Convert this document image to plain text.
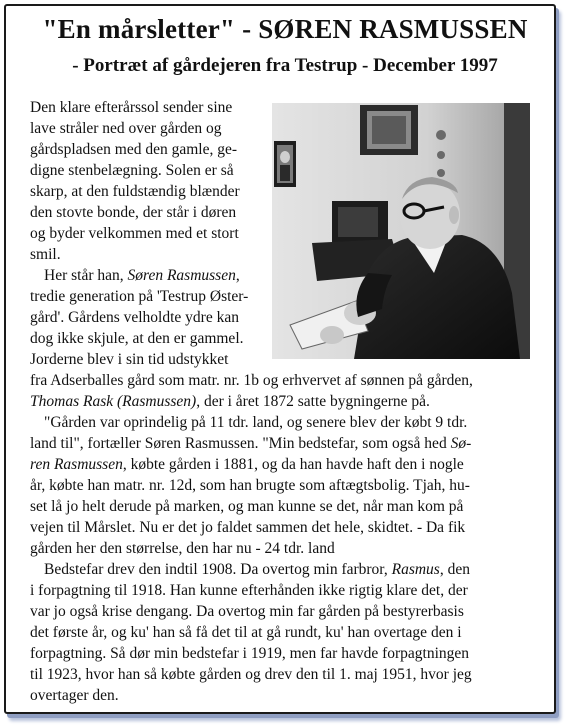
"En mårsletter" - SØREN RASMUSSEN
- Portræt af gårdejeren fra Testrup - December 1997
Den klare efterårssol sender sine
lave stråler ned over gården og
gårdspladsen med den gamle, ge-
digne stenbelægning. Solen er så
skarp, at den fuldstændig blænder
den stovte bonde, der står i døren
og byder velkommen med et stort
smil.
Her står han, Søren Rasmussen,
tredie generation på 'Testrup Øster-
gård'. Gårdens velholdte ydre kan
dog ikke skjule, at den er gammel.
Jorderne blev i sin tid udstykket
fra Adserballes gård som matr. nr. 1b og erhvervet af sønnen på gården,
Thomas Rask (Rasmussen), der i året 1872 satte bygningerne på.
"Gården var oprindelig på 11 tdr. land, og senere blev der købt 9 tdr.
land til", fortæller Søren Rasmussen. "Min bedstefar, som også hed Sø-
ren Rasmussen, købte gården i 1881, og da han havde haft den i nogle
år, købte han matr. nr. 12d, som han brugte som aftægtsbolig. Tjah, hu-
set lå jo helt derude på marken, og man kunne se det, når man kom på
vejen til Mårslet. Nu er det jo faldet sammen det hele, skidtet. - Da fik
gården her den størrelse, den har nu - 24 tdr. land
Bedstefar drev den indtil 1908. Da overtog min farbror, Rasmus, den
i forpagtning til 1918. Han kunne efterhånden ikke rigtig klare det, der
var jo også krise dengang. Da overtog min far gården på bestyrerbasis
det første år, og ku' han så få det til at gå rundt, ku' han overtage den i
forpagtning. Så dør min bedstefar i 1919, men far havde forpagtningen
til 1923, hvor han så købte gården og drev den til 1. maj 1951, hvor jeg
overtager den.
